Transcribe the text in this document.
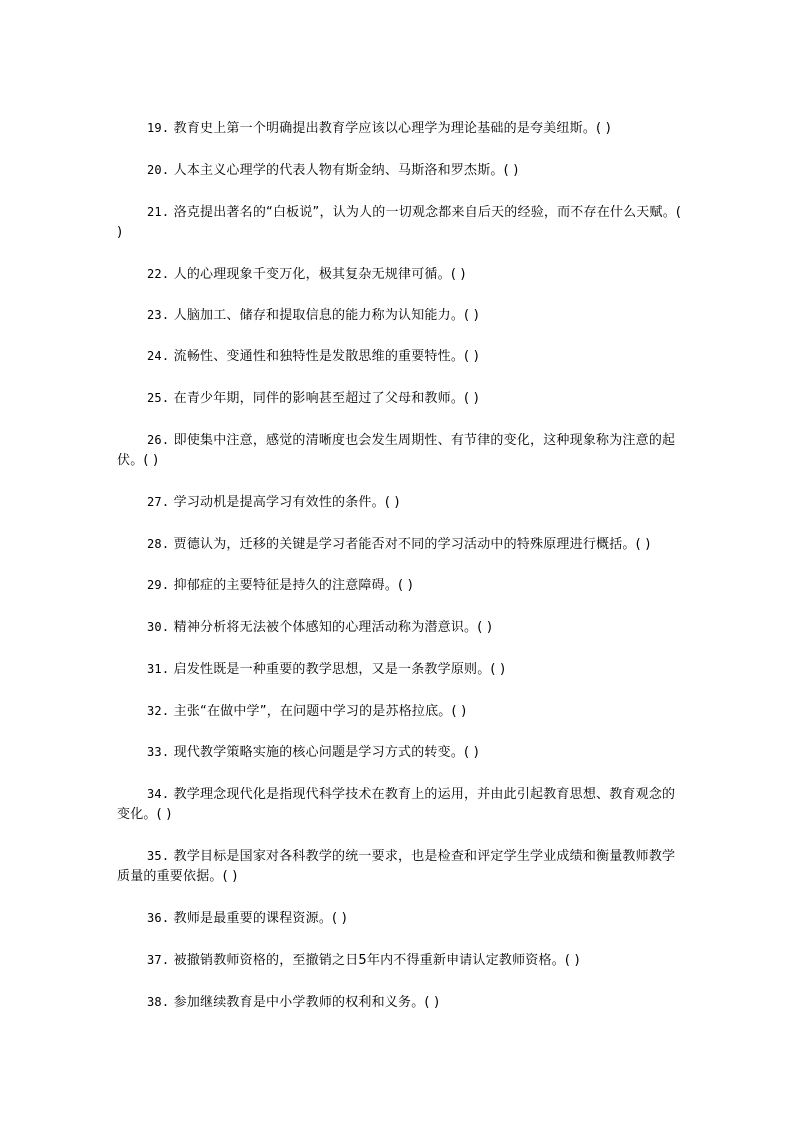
19. 教育史上第一个明确提出教育学应该以心理学为理论基础的是夸美纽斯。( )
20. 人本主义心理学的代表人物有斯金纳、马斯洛和罗杰斯。( )
21. 洛克提出著名的“白板说”，认为人的一切观念都来自后天的经验，而不存在什么天赋。( )
22. 人的心理现象千变万化，极其复杂无规律可循。( )
23. 人脑加工、储存和提取信息的能力称为认知能力。( )
24. 流畅性、变通性和独特性是发散思维的重要特性。( )
25. 在青少年期，同伴的影响甚至超过了父母和教师。( )
26. 即使集中注意，感觉的清晰度也会发生周期性、有节律的变化，这种现象称为注意的起伏。( )
27. 学习动机是提高学习有效性的条件。( )
28. 贾德认为，迁移的关键是学习者能否对不同的学习活动中的特殊原理进行概括。( )
29. 抑郁症的主要特征是持久的注意障碍。( )
30. 精神分析将无法被个体感知的心理活动称为潜意识。( )
31. 启发性既是一种重要的教学思想，又是一条教学原则。( )
32. 主张“在做中学”，在问题中学习的是苏格拉底。( )
33. 现代教学策略实施的核心问题是学习方式的转变。( )
34. 教学理念现代化是指现代科学技术在教育上的运用，并由此引起教育思想、教育观念的变化。( )
35. 教学目标是国家对各科教学的统一要求，也是检查和评定学生学业成绩和衡量教师教学质量的重要依据。( )
36. 教师是最重要的课程资源。( )
37. 被撤销教师资格的，至撤销之日5年内不得重新申请认定教师资格。( )
38. 参加继续教育是中小学教师的权利和义务。( )
